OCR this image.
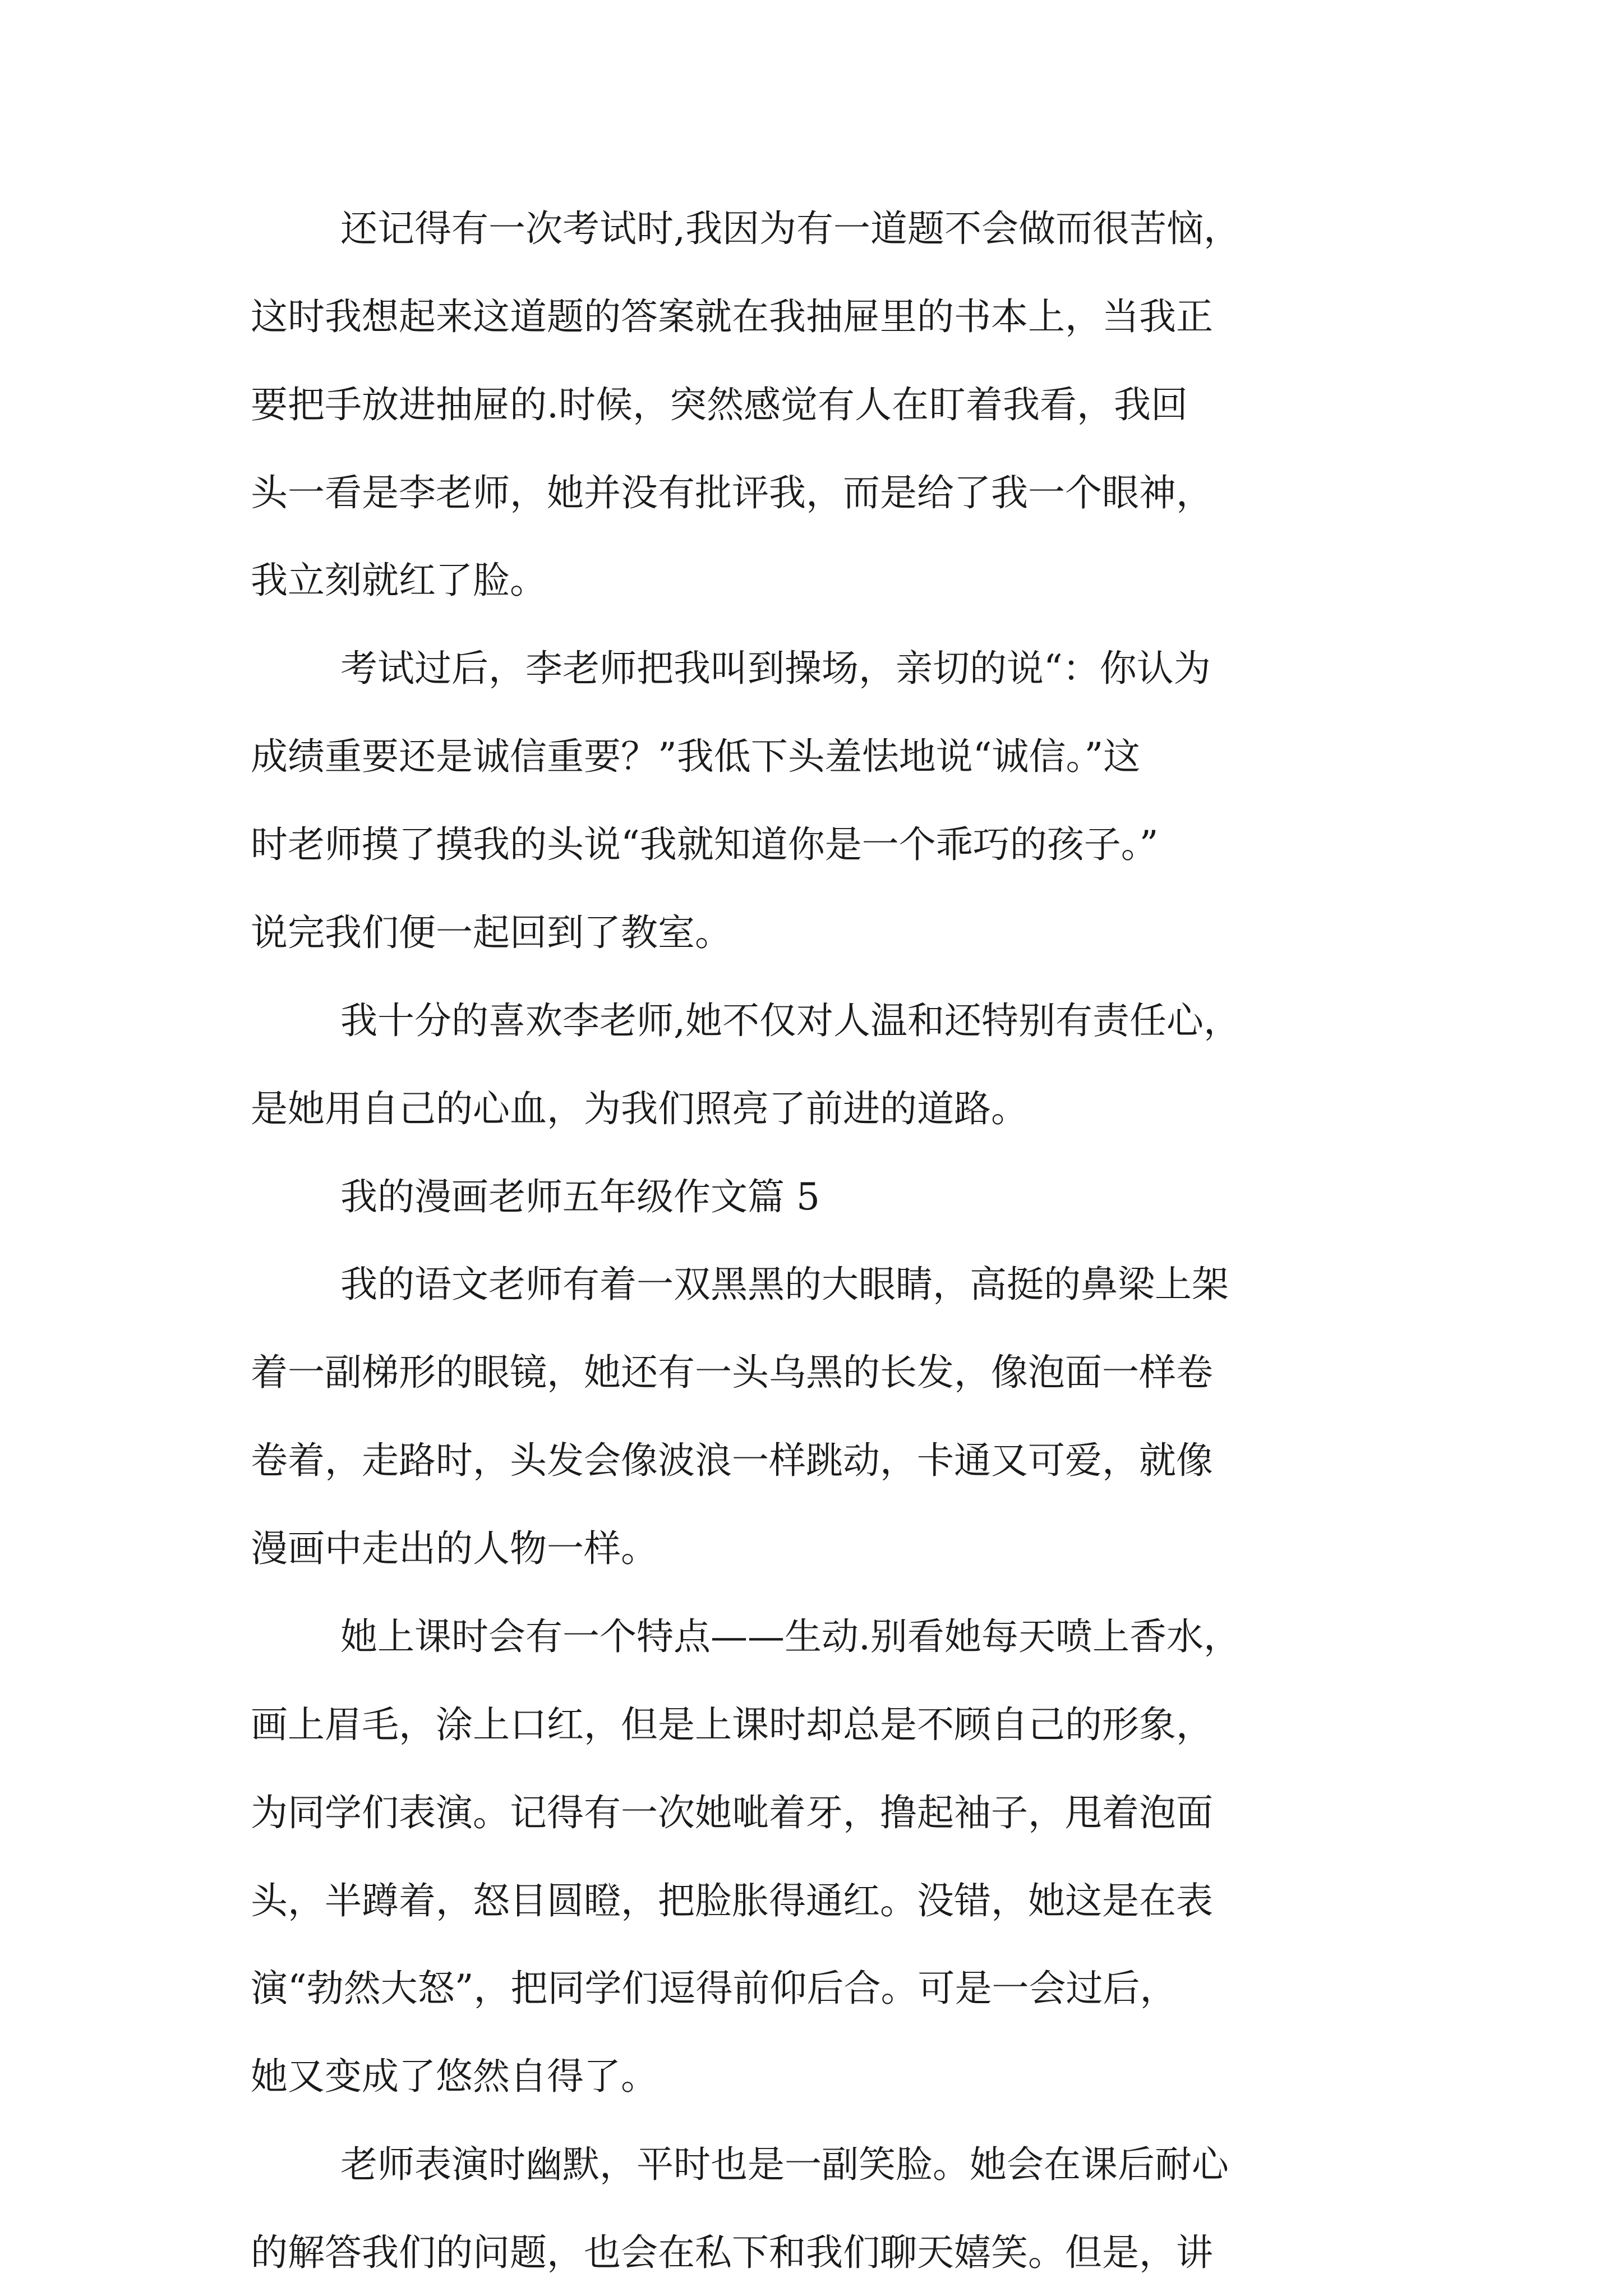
还记得有一次考试时,我因为有一道题不会做而很苦恼，

这时我想起来这道题的答案就在我抽屉里的书本上，当我正

要把手放进抽屉的.时候，突然感觉有人在盯着我看，我回

头一看是李老师，她并没有批评我，而是给了我一个眼神，

我立刻就红了脸。

考试过后，李老师把我叫到操场，亲切的说“：你认为

成绩重要还是诚信重要？”我低下头羞怯地说“诚信。”这

时老师摸了摸我的头说“我就知道你是一个乖巧的孩子。”

说完我们便一起回到了教室。

我十分的喜欢李老师,她不仅对人温和还特别有责任心，

是她用自己的心血，为我们照亮了前进的道路。

我的漫画老师五年级作文篇 5

我的语文老师有着一双黑黑的大眼睛，高挺的鼻梁上架

着一副梯形的眼镜，她还有一头乌黑的长发，像泡面一样卷

卷着，走路时，头发会像波浪一样跳动，卡通又可爱，就像

漫画中走出的人物一样。

她上课时会有一个特点——生动.别看她每天喷上香水，

画上眉毛，涂上口红，但是上课时却总是不顾自己的形象，

为同学们表演。记得有一次她呲着牙，撸起袖子，甩着泡面

头，半蹲着，怒目圆瞪，把脸胀得通红。没错，她这是在表

演“勃然大怒”，把同学们逗得前仰后合。可是一会过后，

她又变成了悠然自得了。

老师表演时幽默，平时也是一副笑脸。她会在课后耐心

的解答我们的问题，也会在私下和我们聊天嬉笑。但是，讲
